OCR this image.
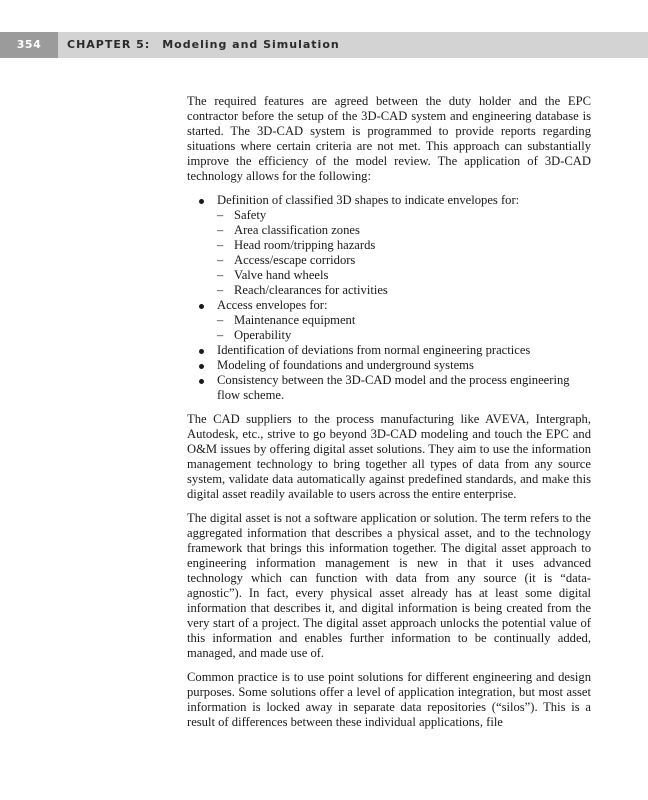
354	CHAPTER 5: Modeling and Simulation

The required features are agreed between the duty holder and the EPC contractor before the setup of the 3D-CAD system and engineering database is started. The 3D-CAD system is programmed to provide reports regarding situations where certain criteria are not met. This approach can substantially improve the efficiency of the model review. The application of 3D-CAD technology allows for the following:

Definition of classified 3D shapes to indicate envelopes for:
– Safety
– Area classification zones
– Head room/tripping hazards
– Access/escape corridors
– Valve hand wheels
– Reach/clearances for activities
Access envelopes for:
– Maintenance equipment
– Operability
Identification of deviations from normal engineering practices
Modeling of foundations and underground systems
Consistency between the 3D-CAD model and the process engineering flow scheme.

The CAD suppliers to the process manufacturing like AVEVA, Intergraph, Autodesk, etc., strive to go beyond 3D-CAD modeling and touch the EPC and O&M issues by offering digital asset solutions. They aim to use the information management technology to bring together all types of data from any source system, validate data automatically against predefined standards, and make this digital asset readily available to users across the entire enterprise.

The digital asset is not a software application or solution. The term refers to the aggregated information that describes a physical asset, and to the technology framework that brings this information together. The digital asset approach to engineering information management is new in that it uses advanced technology which can function with data from any source (it is “data-agnostic”). In fact, every physical asset already has at least some digital information that describes it, and digital information is being created from the very start of a project. The digital asset approach unlocks the potential value of this information and enables further information to be continually added, managed, and made use of.

Common practice is to use point solutions for different engineering and design purposes. Some solutions offer a level of application integration, but most asset information is locked away in separate data repositories (“silos”). This is a result of differences between these individual applications, file
